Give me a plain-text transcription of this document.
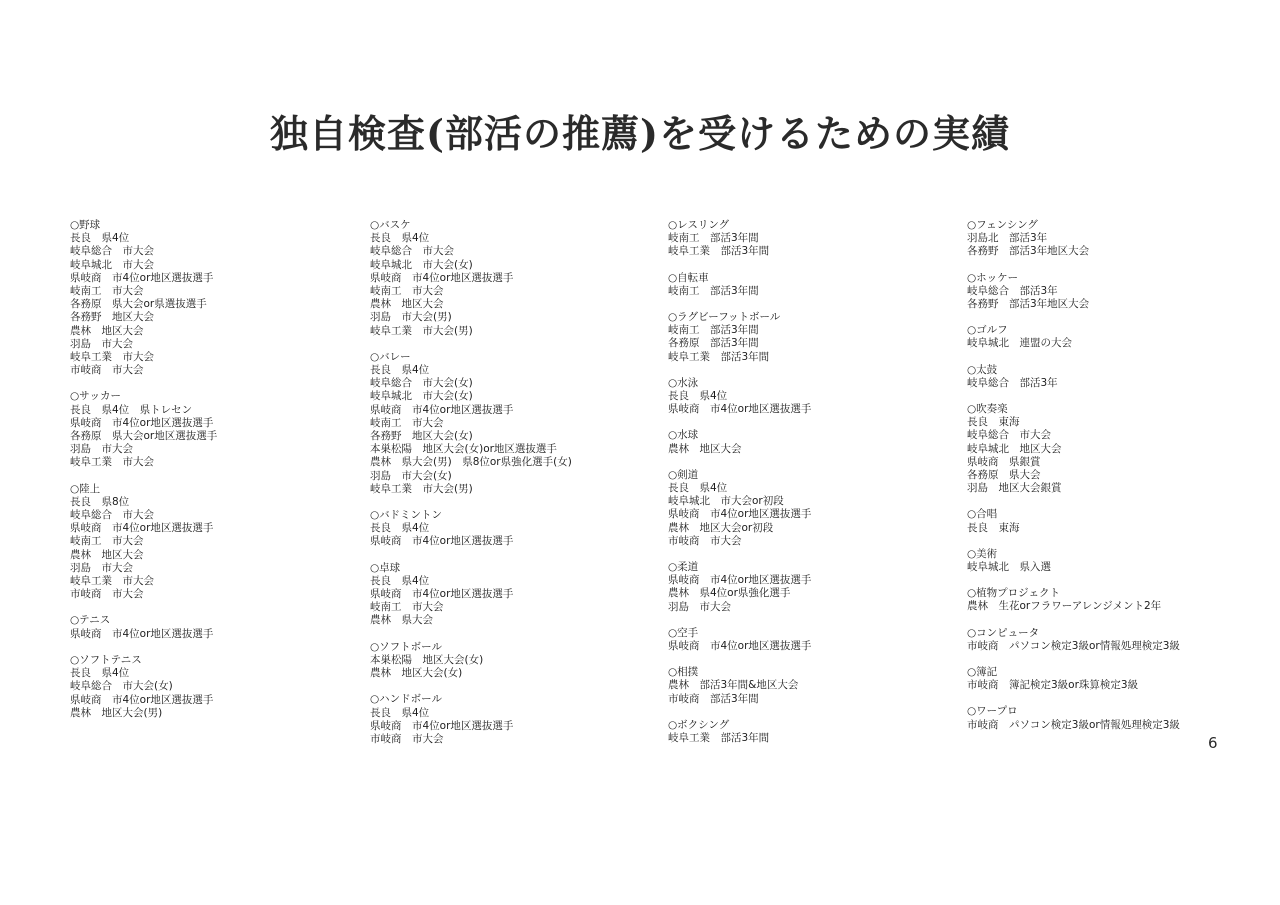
独自検査(部活の推薦)を受けるための実績
○野球
長良　県4位
岐阜総合　市大会
岐阜城北　市大会
県岐商　市4位or地区選抜選手
岐南工　市大会
各務原　県大会or県選抜選手
各務野　地区大会
農林　地区大会
羽島　市大会
岐阜工業　市大会
市岐商　市大会
○サッカー
長良　県4位　県トレセン
県岐商　市4位or地区選抜選手
各務原　県大会or地区選抜選手
羽島　市大会
岐阜工業　市大会
○陸上
長良　県8位
岐阜総合　市大会
県岐商　市4位or地区選抜選手
岐南工　市大会
農林　地区大会
羽島　市大会
岐阜工業　市大会
市岐商　市大会
○テニス
県岐商　市4位or地区選抜選手
○ソフトテニス
長良　県4位
岐阜総合　市大会(女)
県岐商　市4位or地区選抜選手
農林　地区大会(男)
○バスケ
長良　県4位
岐阜総合　市大会
岐阜城北　市大会(女)
県岐商　市4位or地区選抜選手
岐南工　市大会
農林　地区大会
羽島　市大会(男)
岐阜工業　市大会(男)
○バレー
長良　県4位
岐阜総合　市大会(女)
岐阜城北　市大会(女)
県岐商　市4位or地区選抜選手
岐南工　市大会
各務野　地区大会(女)
本巣松陽　地区大会(女)or地区選抜選手
農林　県大会(男)　県8位or県強化選手(女)
羽島　市大会(女)
岐阜工業　市大会(男)
○バドミントン
長良　県4位
県岐商　市4位or地区選抜選手
○卓球
長良　県4位
県岐商　市4位or地区選抜選手
岐南工　市大会
農林　県大会
○ソフトボール
本巣松陽　地区大会(女)
農林　地区大会(女)
○ハンドボール
長良　県4位
県岐商　市4位or地区選抜選手
市岐商　市大会
○レスリング
岐南工　部活3年間
岐阜工業　部活3年間
○自転車
岐南工　部活3年間
○ラグビーフットボール
岐南工　部活3年間
各務原　部活3年間
岐阜工業　部活3年間
○水泳
長良　県4位
県岐商　市4位or地区選抜選手
○水球
農林　地区大会
○剣道
長良　県4位
岐阜城北　市大会or初段
県岐商　市4位or地区選抜選手
農林　地区大会or初段
市岐商　市大会
○柔道
県岐商　市4位or地区選抜選手
農林　県4位or県強化選手
羽島　市大会
○空手
県岐商　市4位or地区選抜選手
○相撲
農林　部活3年間&地区大会
市岐商　部活3年間
○ボクシング
岐阜工業　部活3年間
○フェンシング
羽島北　部活3年
各務野　部活3年地区大会
○ホッケー
岐阜総合　部活3年
各務野　部活3年地区大会
○ゴルフ
岐阜城北　連盟の大会
○太鼓
岐阜総合　部活3年
○吹奏楽
長良　東海
岐阜総合　市大会
岐阜城北　地区大会
県岐商　県銀賞
各務原　県大会
羽島　地区大会銀賞
○合唱
長良　東海
○美術
岐阜城北　県入選
○植物プロジェクト
農林　生花orフラワーアレンジメント2年
○コンピュータ
市岐商　パソコン検定3級or情報処理検定3級
○簿記
市岐商　簿記検定3級or珠算検定3級
○ワープロ
市岐商　パソコン検定3級or情報処理検定3級
6
